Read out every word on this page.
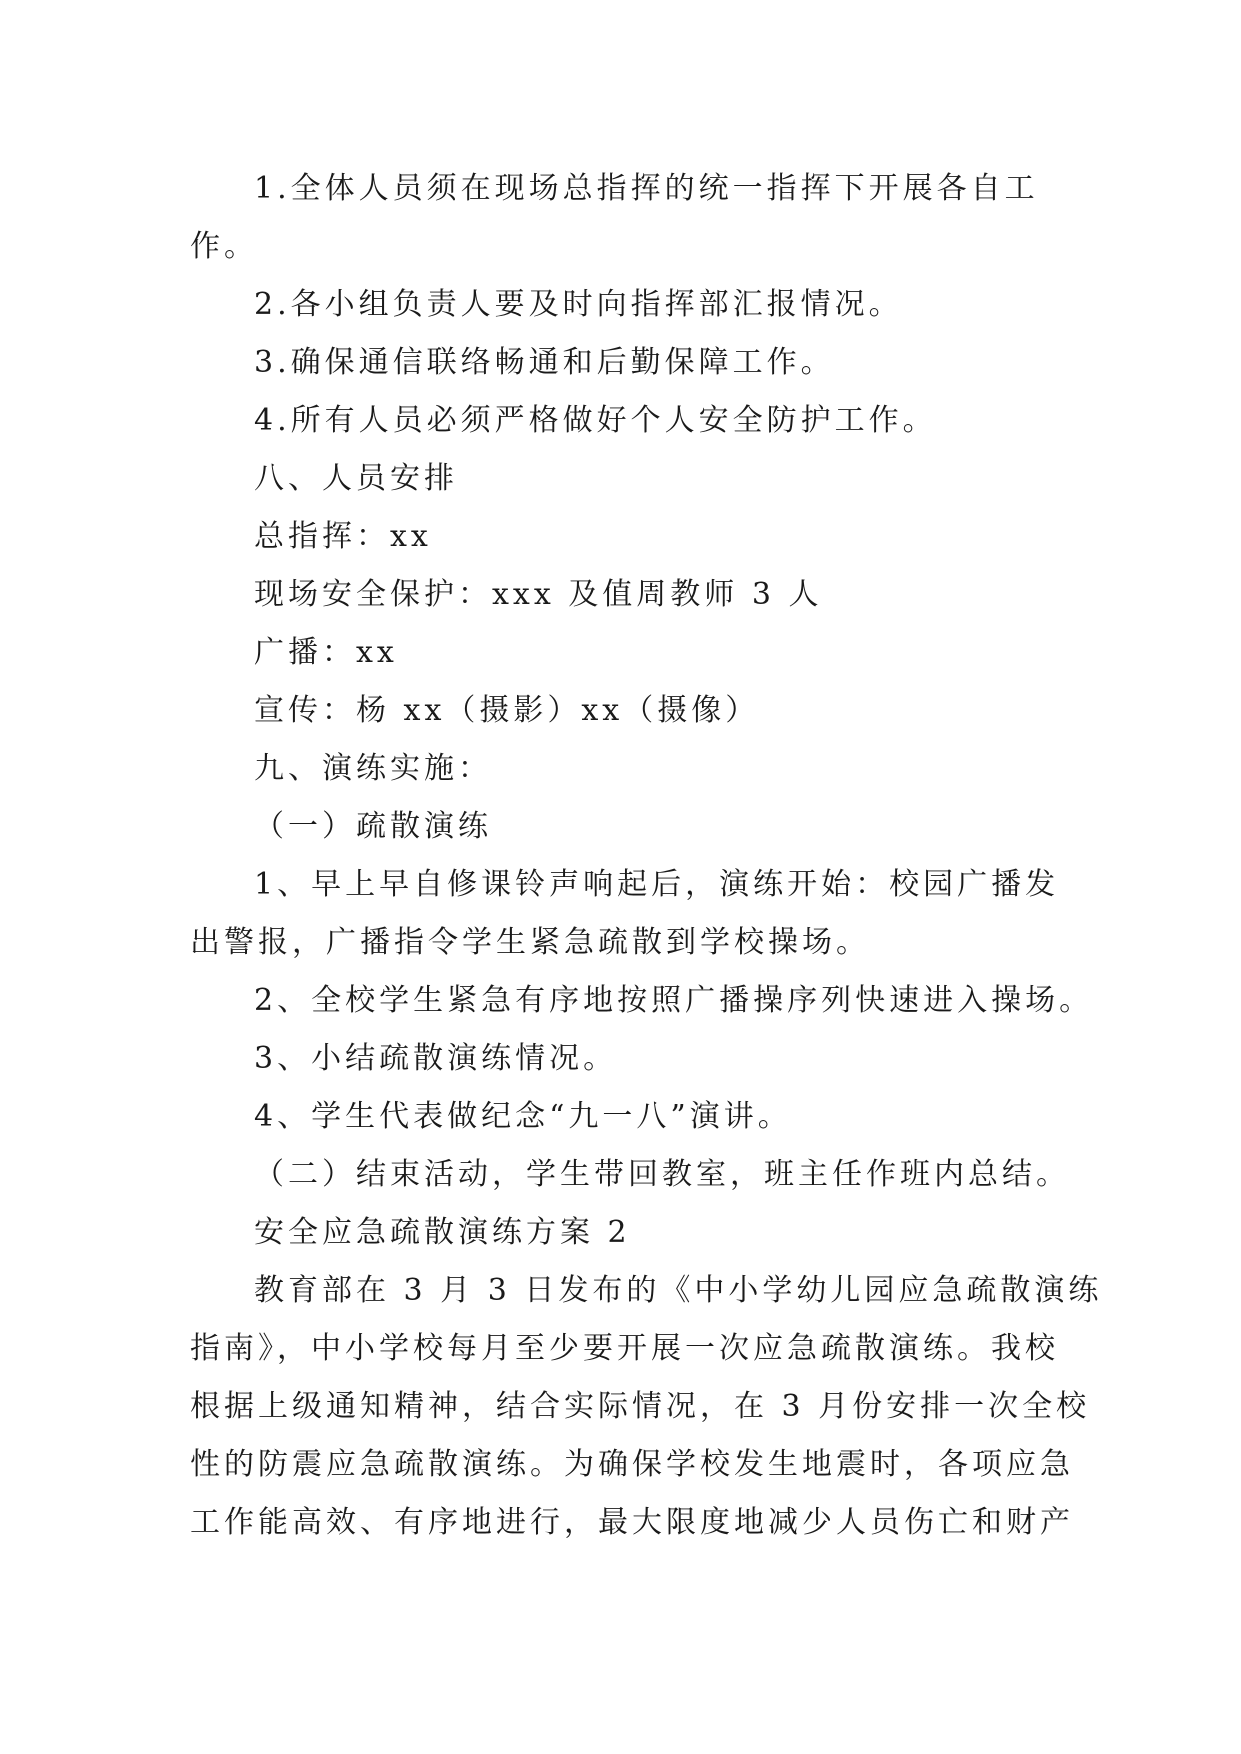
1.全体人员须在现场总指挥的统一指挥下开展各自工

作。

2.各小组负责人要及时向指挥部汇报情况。

3.确保通信联络畅通和后勤保障工作。

4.所有人员必须严格做好个人安全防护工作。

八、人员安排

总指挥：xx

现场安全保护：xxx 及值周教师 3 人

广播：xx

宣传：杨 xx（摄影）xx（摄像）

九、演练实施：

（一）疏散演练

1、早上早自修课铃声响起后，演练开始：校园广播发

出警报，广播指令学生紧急疏散到学校操场。

2、全校学生紧急有序地按照广播操序列快速进入操场。

3、小结疏散演练情况。

4、学生代表做纪念“九一八”演讲。

（二）结束活动，学生带回教室，班主任作班内总结。

安全应急疏散演练方案 2

教育部在 3 月 3 日发布的《中小学幼儿园应急疏散演练

指南》，中小学校每月至少要开展一次应急疏散演练。我校

根据上级通知精神，结合实际情况，在 3 月份安排一次全校

性的防震应急疏散演练。为确保学校发生地震时，各项应急

工作能高效、有序地进行，最大限度地减少人员伤亡和财产
